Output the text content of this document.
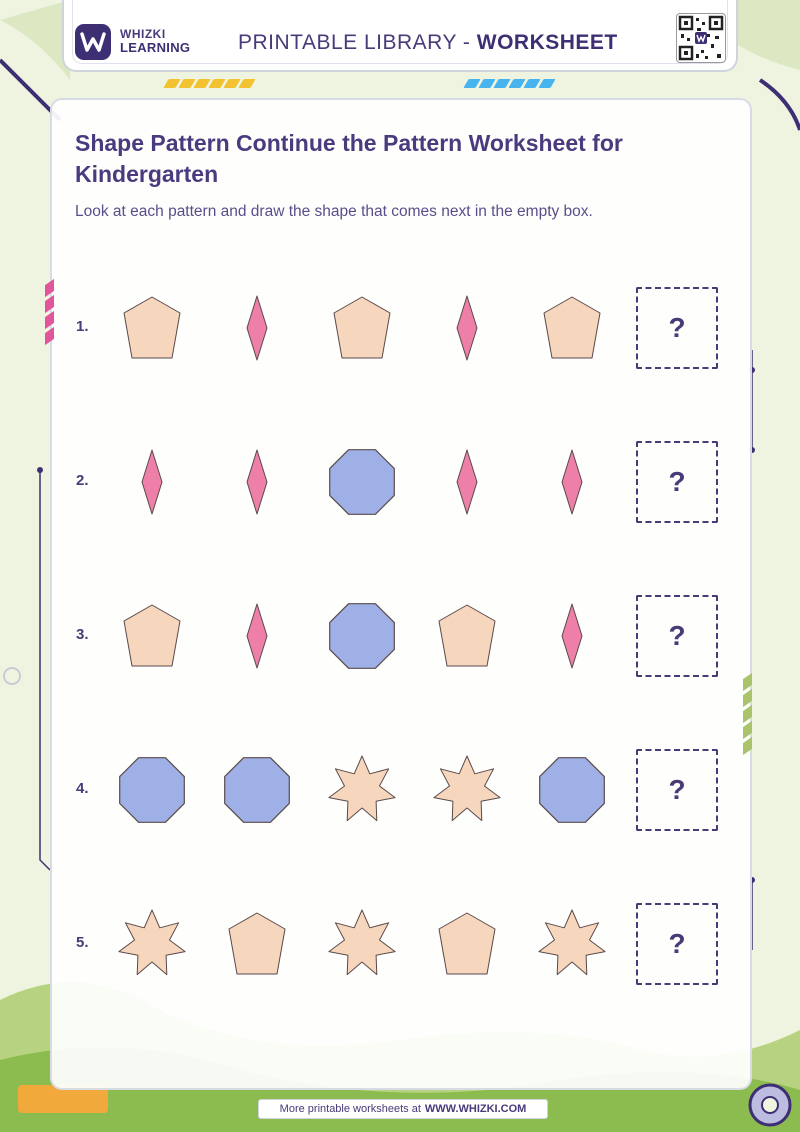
WHIZKI
LEARNING PRINTABLE LIBRARY - WORKSHEET
Shape Pattern Continue the Pattern Worksheet for Kindergarten
Look at each pattern and draw the shape that comes next in the empty box.
1.	?
2.	?
3.	?
4.	?
5.	?
More printable worksheets at WWW.WHIZKI.COM
